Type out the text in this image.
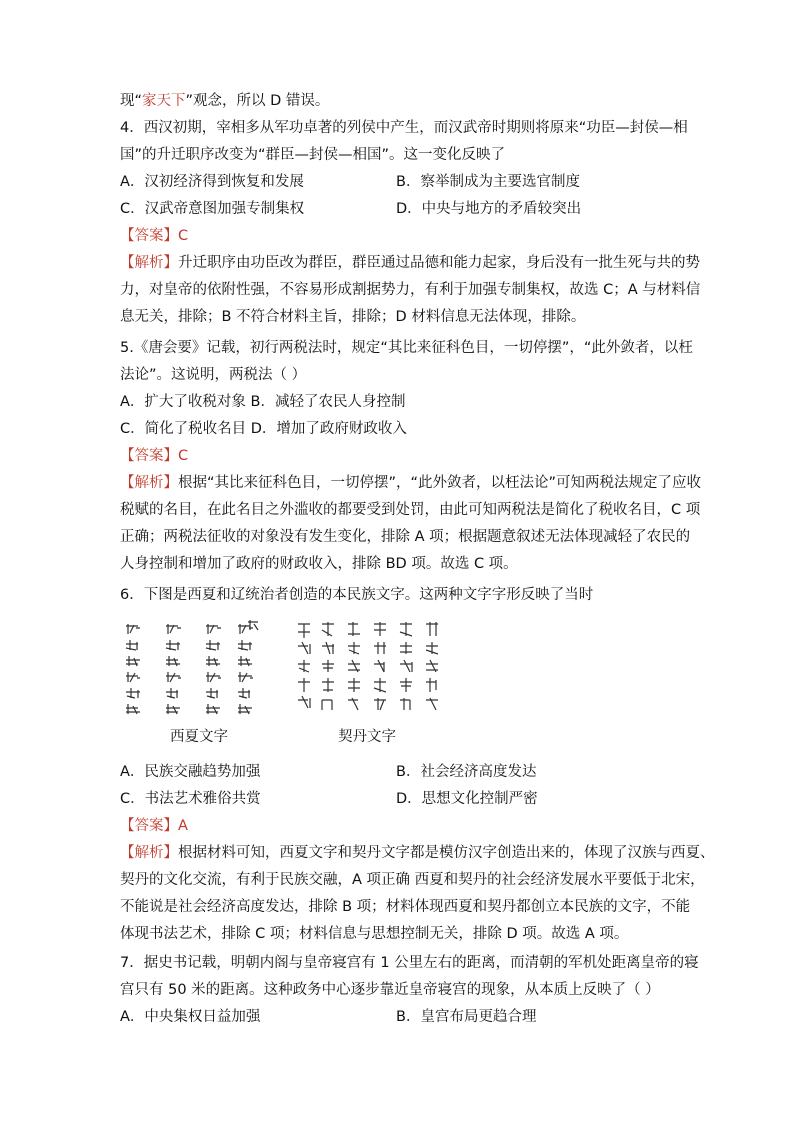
现“家天下”观念，所以 D 错误。
4．西汉初期，宰相多从军功卓著的列侯中产生，而汉武帝时期则将原来“功臣—封侯—相
国”的升迁职序改变为“群臣—封侯—相国”。这一变化反映了
A．汉初经济得到恢复和发展	B．察举制成为主要选官制度
C．汉武帝意图加强专制集权	D．中央与地方的矛盾较突出
【答案】C
【解析】升迁职序由功臣改为群臣，群臣通过品德和能力起家，身后没有一批生死与共的势
力，对皇帝的依附性强，不容易形成割据势力，有利于加强专制集权，故选 C；A 与材料信
息无关，排除；B 不符合材料主旨，排除；D 材料信息无法体现，排除。
5.《唐会要》记载，初行两税法时，规定“其比来征科色目，一切停摆”，“此外敛者，以枉
法论”。这说明，两税法（ ）
A．扩大了收税对象 B．减轻了农民人身控制
C．简化了税收名目 D．增加了政府财政收入
【答案】C
【解析】根据“其比来征科色目，一切停摆”，“此外敛者，以枉法论”可知两税法规定了应收
税赋的名目，在此名目之外滥收的都要受到处罚，由此可知两税法是简化了税收名目，C 项
正确；两税法征收的对象没有发生变化，排除 A 项；根据题意叙述无法体现减轻了农民的
人身控制和增加了政府的财政收入，排除 BD 项。故选 C 项。
6．下图是西夏和辽统治者创造的本民族文字。这两种文字字形反映了当时
西夏文字	契丹文字
A．民族交融趋势加强	B．社会经济高度发达
C．书法艺术雅俗共赏	D．思想文化控制严密
【答案】A
【解析】根据材料可知，西夏文字和契丹文字都是模仿汉字创造出来的，体现了汉族与西夏、
契丹的文化交流，有利于民族交融，A 项正确 西夏和契丹的社会经济发展水平要低于北宋，
不能说是社会经济高度发达，排除 B 项；材料体现西夏和契丹都创立本民族的文字，不能
体现书法艺术，排除 C 项；材料信息与思想控制无关，排除 D 项。故选 A 项。
7．据史书记载，明朝内阁与皇帝寝宫有 1 公里左右的距离，而清朝的军机处距离皇帝的寝
宫只有 50 米的距离。这种政务中心逐步靠近皇帝寝宫的现象，从本质上反映了（ ）
A．中央集权日益加强	B．皇宫布局更趋合理
